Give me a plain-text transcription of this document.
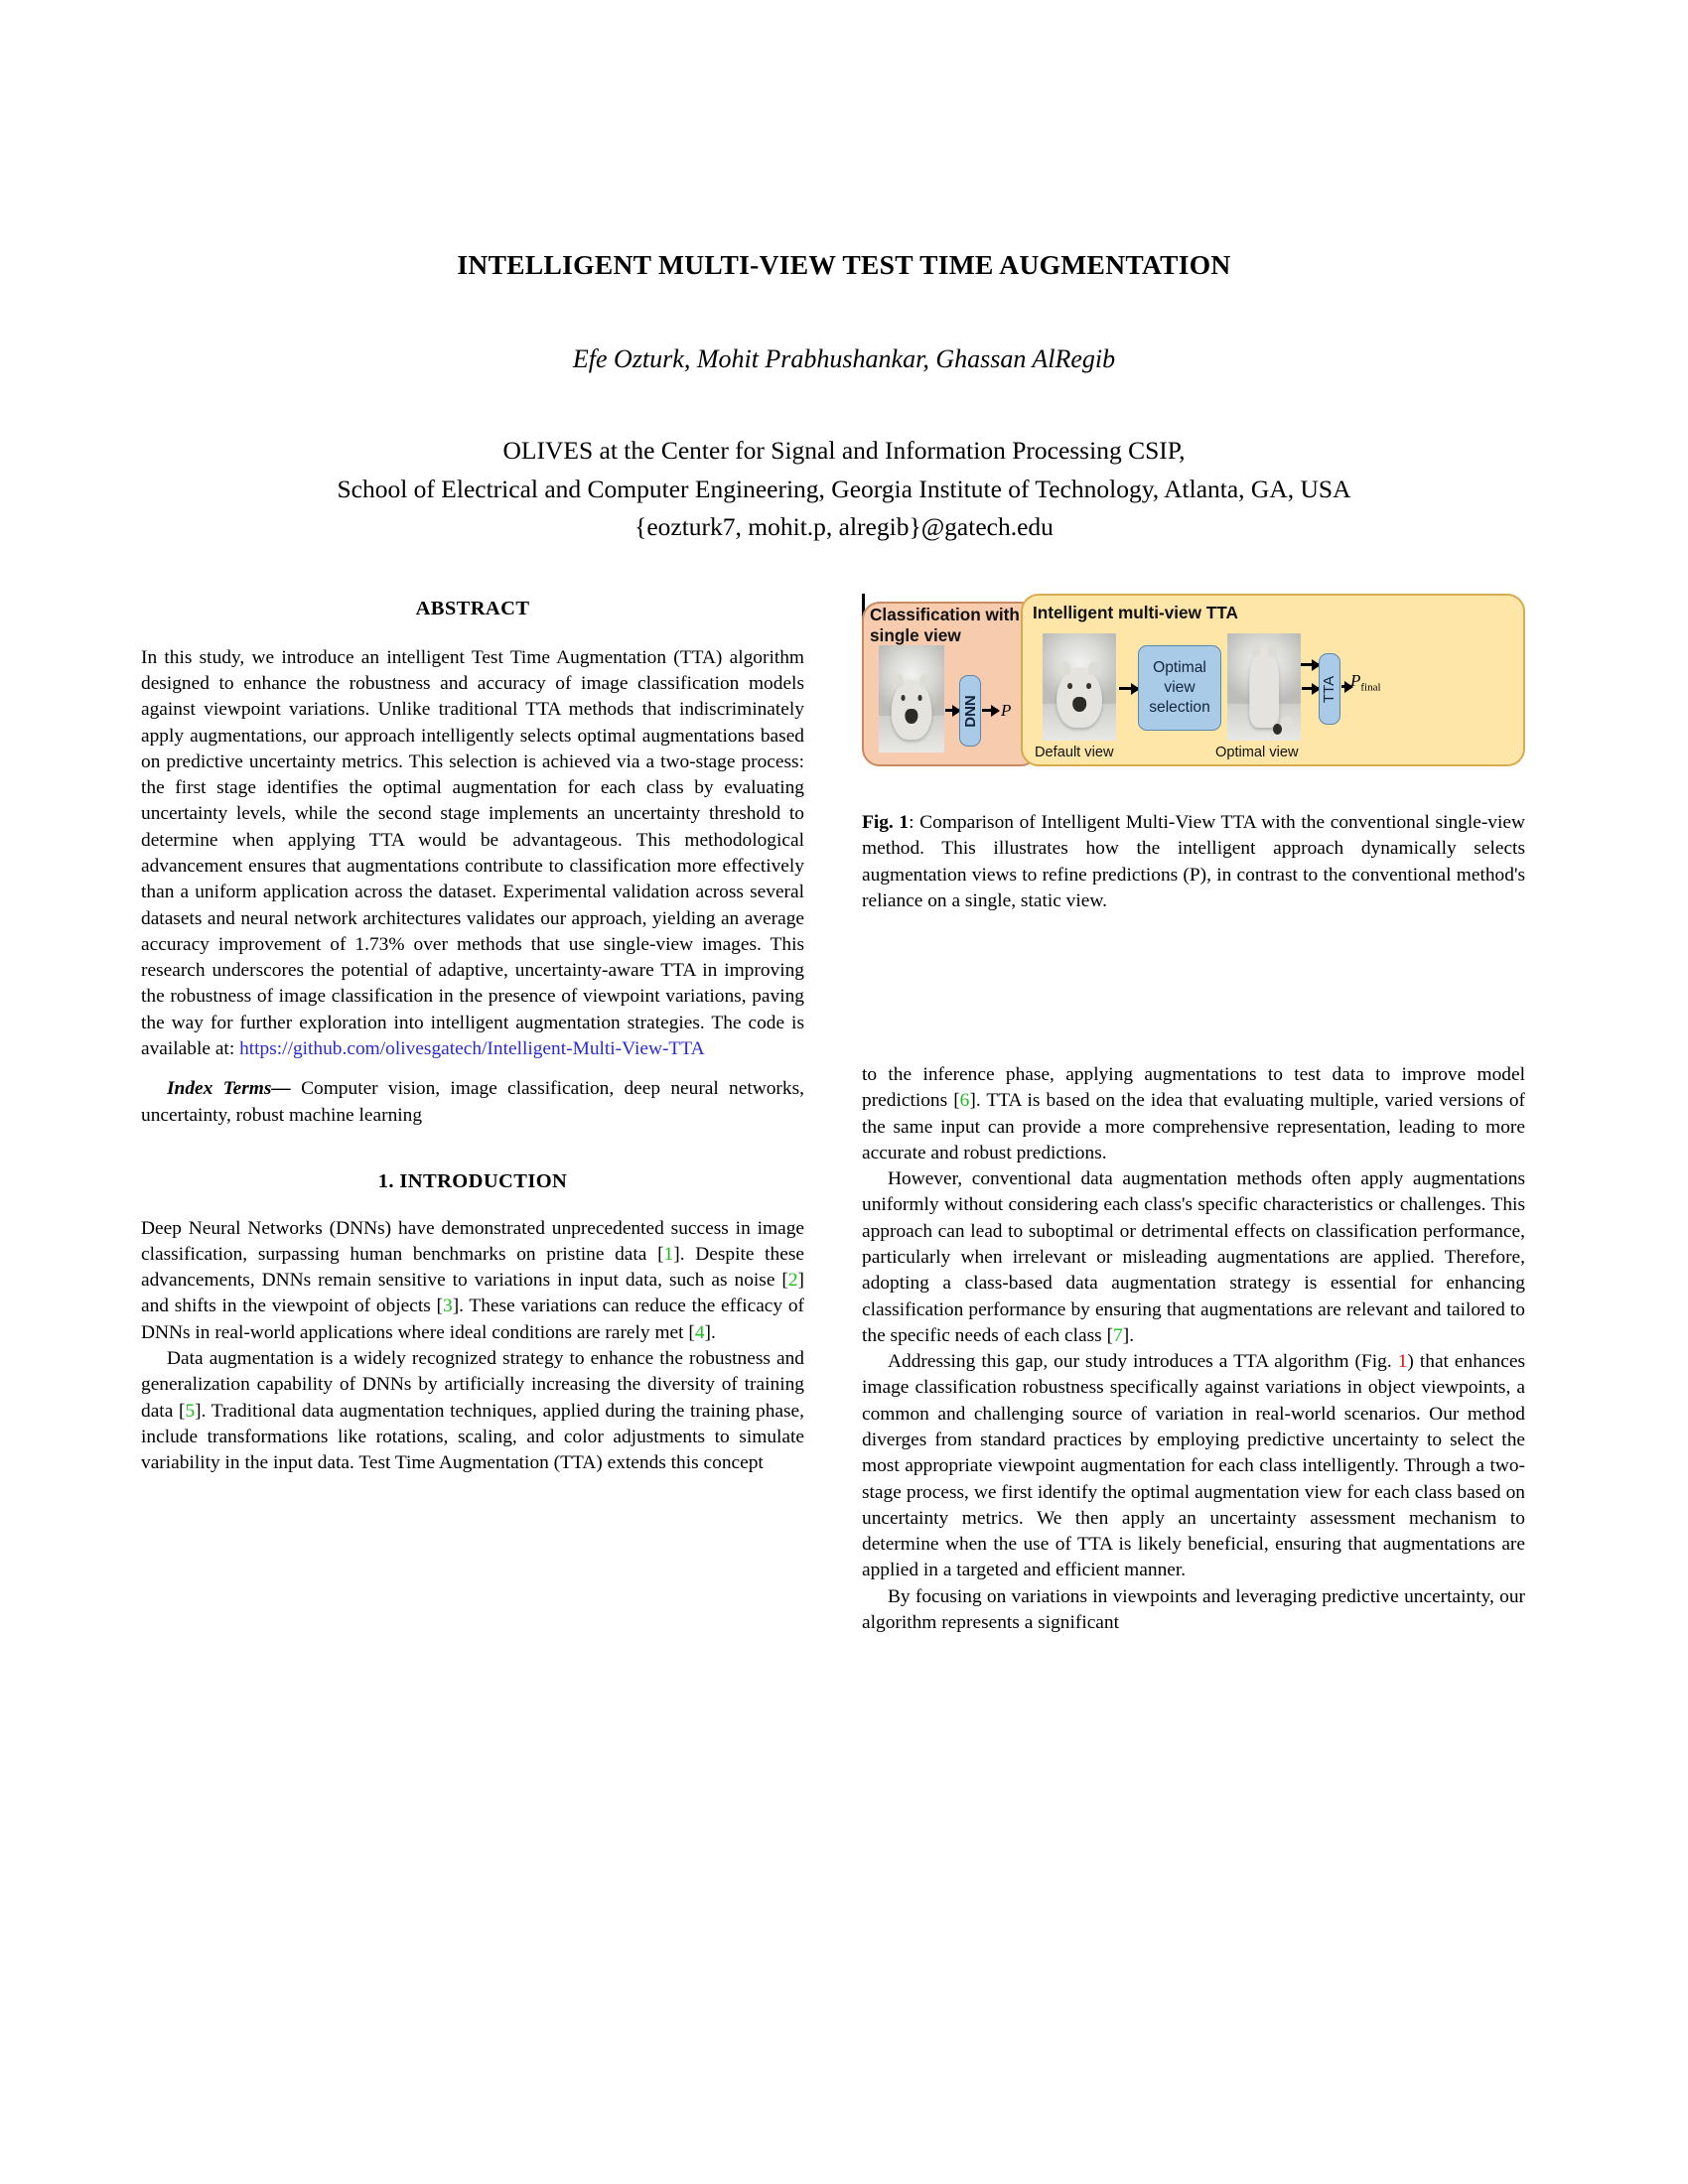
INTELLIGENT MULTI-VIEW TEST TIME AUGMENTATION
Efe Ozturk, Mohit Prabhushankar, Ghassan AlRegib
OLIVES at the Center for Signal and Information Processing CSIP,
School of Electrical and Computer Engineering, Georgia Institute of Technology, Atlanta, GA, USA
{eozturk7, mohit.p, alregib}@gatech.edu
ABSTRACT

In this study, we introduce an intelligent Test Time Augmentation (TTA) algorithm designed to enhance the robustness and accuracy of image classification models against viewpoint variations. Unlike traditional TTA methods that indiscriminately apply augmentations, our approach intelligently selects optimal augmentations based on predictive uncertainty metrics. This selection is achieved via a two-stage process: the first stage identifies the optimal augmentation for each class by evaluating uncertainty levels, while the second stage implements an uncertainty threshold to determine when applying TTA would be advantageous. This methodological advancement ensures that augmentations contribute to classification more effectively than a uniform application across the dataset. Experimental validation across several datasets and neural network architectures validates our approach, yielding an average accuracy improvement of 1.73% over methods that use single-view images. This research underscores the potential of adaptive, uncertainty-aware TTA in improving the robustness of image classification in the presence of viewpoint variations, paving the way for further exploration into intelligent augmentation strategies. The code is available at: https://github.com/olivesgatech/Intelligent-Multi-View-TTA

Index Terms— Computer vision, image classification, deep neural networks, uncertainty, robust machine learning

1. INTRODUCTION

Deep Neural Networks (DNNs) have demonstrated unprecedented success in image classification, surpassing human benchmarks on pristine data [1]. Despite these advancements, DNNs remain sensitive to variations in input data, such as noise [2] and shifts in the viewpoint of objects [3]. These variations can reduce the efficacy of DNNs in real-world applications where ideal conditions are rarely met [4].

Data augmentation is a widely recognized strategy to enhance the robustness and generalization capability of DNNs by artificially increasing the diversity of training data [5]. Traditional data augmentation techniques, applied during the training phase, include transformations like rotations, scaling, and color adjustments to simulate variability in the input data. Test Time Augmentation (TTA) extends this concept

Classification with single view
Intelligent multi-view TTA
DNN P
Default view
Optimal view selection
Optimal view
TTA $P_{final}$
Fig. 1: Comparison of Intelligent Multi-View TTA with the conventional single-view method. This illustrates how the intelligent approach dynamically selects augmentation views to refine predictions (P), in contrast to the conventional method's reliance on a single, static view.

to the inference phase, applying augmentations to test data to improve model predictions [6]. TTA is based on the idea that evaluating multiple, varied versions of the same input can provide a more comprehensive representation, leading to more accurate and robust predictions.

However, conventional data augmentation methods often apply augmentations uniformly without considering each class's specific characteristics or challenges. This approach can lead to suboptimal or detrimental effects on classification performance, particularly when irrelevant or misleading augmentations are applied. Therefore, adopting a class-based data augmentation strategy is essential for enhancing classification performance by ensuring that augmentations are relevant and tailored to the specific needs of each class [7].

Addressing this gap, our study introduces a TTA algorithm (Fig. 1) that enhances image classification robustness specifically against variations in object viewpoints, a common and challenging source of variation in real-world scenarios. Our method diverges from standard practices by employing predictive uncertainty to select the most appropriate viewpoint augmentation for each class intelligently. Through a two-stage process, we first identify the optimal augmentation view for each class based on uncertainty metrics. We then apply an uncertainty assessment mechanism to determine when the use of TTA is likely beneficial, ensuring that augmentations are applied in a targeted and efficient manner.

By focusing on variations in viewpoints and leveraging predictive uncertainty, our algorithm represents a significant
